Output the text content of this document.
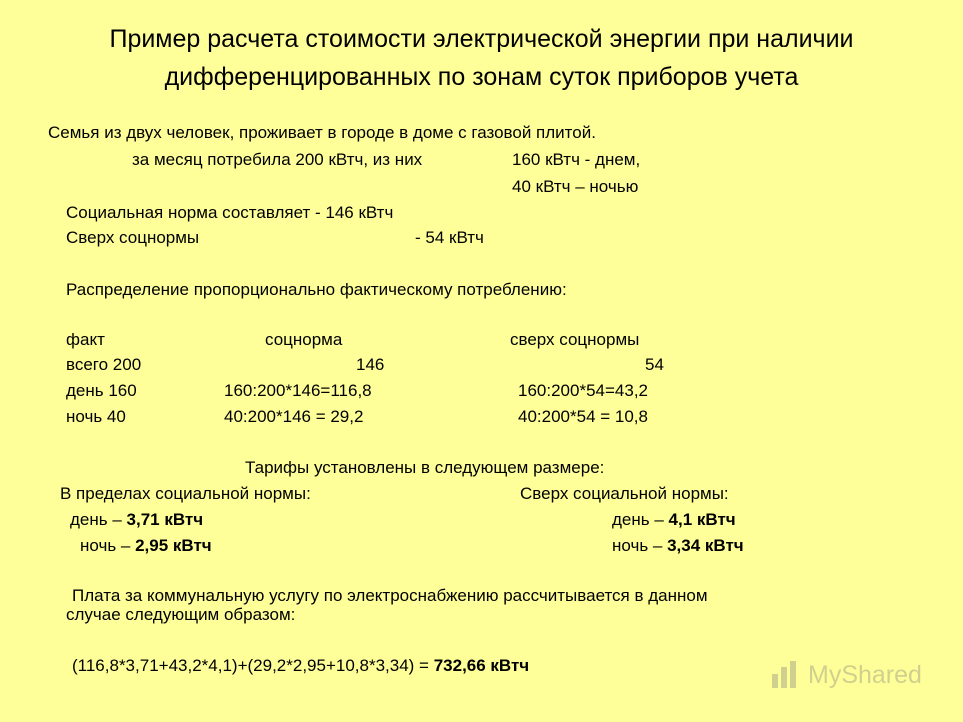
Пример расчета стоимости электрической энергии при наличии
дифференцированных по зонам суток приборов учета
Семья из двух человек, проживает в городе в доме с газовой плитой.
за месяц потребила 200 кВтч, из них	160 кВтч - днем,
40 кВтч – ночью
Социальная норма составляет - 146 кВтч
Сверх соцнормы	- 54 кВтч
Распределение пропорционально фактическому потреблению:
факт	соцнорма	сверх соцнормы
всего 200	146	54
день 160	160:200*146=116,8	160:200*54=43,2
ночь 40	40:200*146 = 29,2	40:200*54 = 10,8
Тарифы установлены в следующем размере:
В пределах социальной нормы:	Сверх социальной нормы:
день – 3,71 кВтч	день – 4,1 кВтч
ночь – 2,95 кВтч	ночь – 3,34 кВтч
Плата за коммунальную услугу по электроснабжению рассчитывается в данном
случае следующим образом:
(116,8*3,71+43,2*4,1)+(29,2*2,95+10,8*3,34) = 732,66 кВтч	MyShared
